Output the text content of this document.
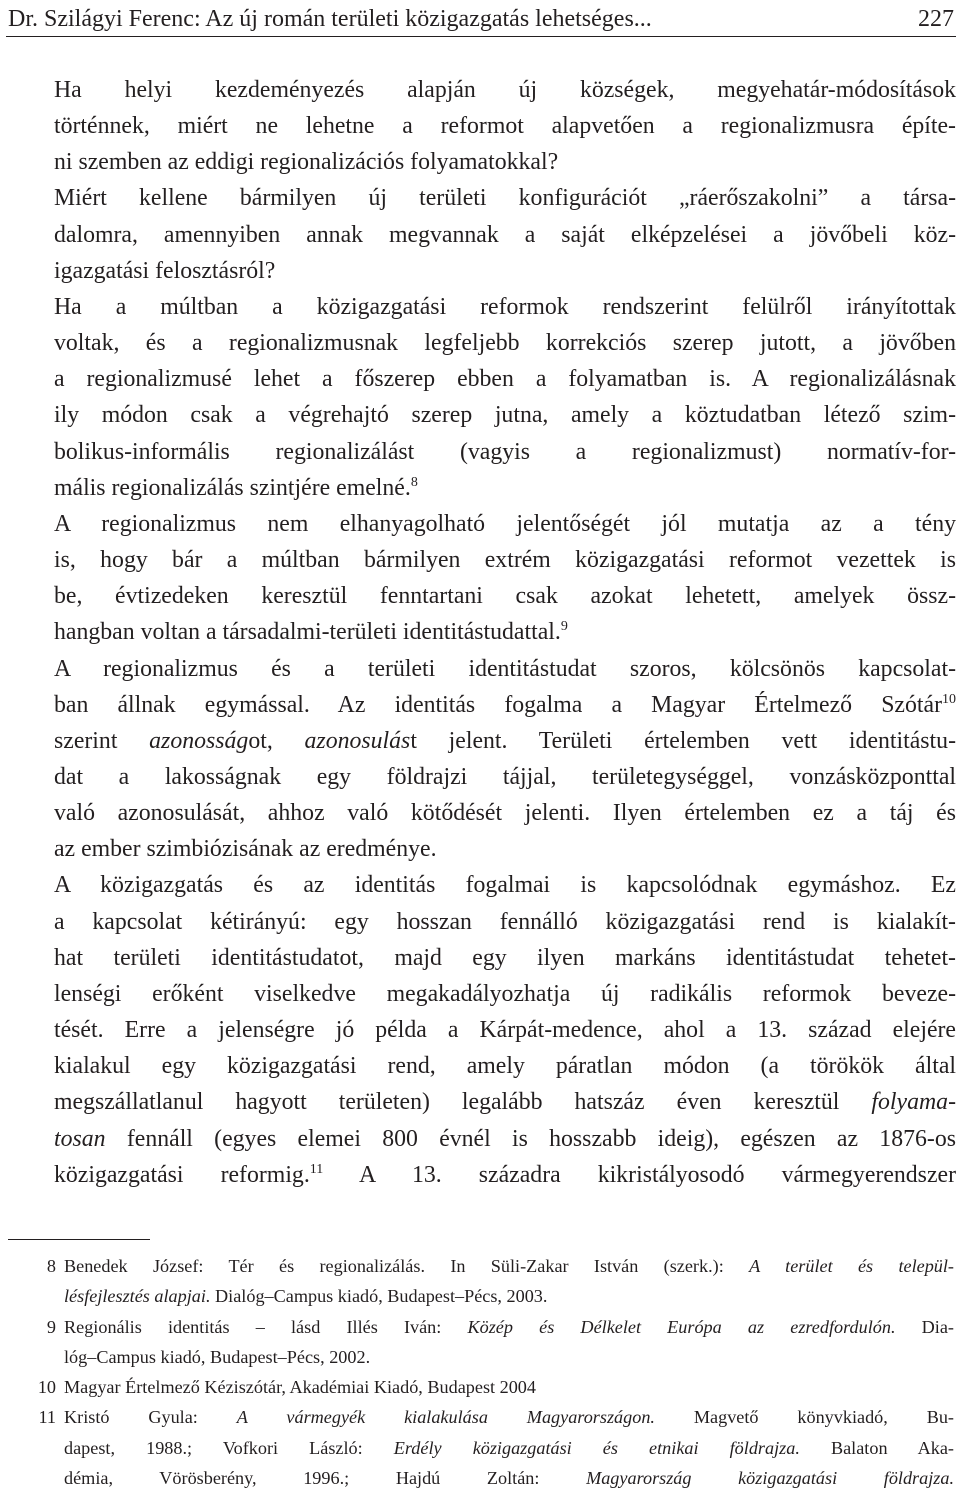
Dr. Szilágyi Ferenc: Az új román területi közigazgatás lehetséges...	227

Ha helyi kezdeményezés alapján új községek, megyehatár-módosítások
történnek, miért ne lehetne a reformot alapvetően a regionalizmusra építe-
ni szemben az eddigi regionalizációs folyamatokkal?

Miért kellene bármilyen új területi konfigurációt „ráerőszakolni” a társa-
dalomra, amennyiben annak megvannak a saját elképzelései a jövőbeli köz-
igazgatási felosztásról?

Ha a múltban a közigazgatási reformok rendszerint felülről irányítottak
voltak, és a regionalizmusnak legfeljebb korrekciós szerep jutott, a jövőben
a regionalizmusé lehet a főszerep ebben a folyamatban is. A regionalizálásnak
ily módon csak a végrehajtó szerep jutna, amely a köztudatban létező szim-
bolikus-informális regionalizálást (vagyis a regionalizmust) normatív-for-
mális regionalizálás szintjére emelné.$^8$

A regionalizmus nem elhanyagolható jelentőségét jól mutatja az a tény
is, hogy bár a múltban bármilyen extrém közigazgatási reformot vezettek is
be, évtizedeken keresztül fenntartani csak azokat lehetett, amelyek össz-
hangban voltan a társadalmi-területi identitástudattal.$^9$

A regionalizmus és a területi identitástudat szoros, kölcsönös kapcsolat-
ban állnak egymással. Az identitás fogalma a Magyar Értelmező Szótár$^{10}$
szerint azonosságot, azonosulást jelent. Területi értelemben vett identitástu-
dat a lakosságnak egy földrajzi tájjal, területegységgel, vonzásközponttal
való azonosulását, ahhoz való kötődését jelenti. Ilyen értelemben ez a táj és
az ember szimbiózisának az eredménye.

A közigazgatás és az identitás fogalmai is kapcsolódnak egymáshoz. Ez
a kapcsolat kétirányú: egy hosszan fennálló közigazgatási rend is kialakít-
hat területi identitástudatot, majd egy ilyen markáns identitástudat tehetet-
lenségi erőként viselkedve megakadályozhatja új radikális reformok beveze-
tését. Erre a jelenségre jó példa a Kárpát-medence, ahol a 13. század elejére
kialakul egy közigazgatási rend, amely páratlan módon (a törökök által
megszállatlanul hagyott területen) legalább hatszáz éven keresztül folyama-
tosan fennáll (egyes elemei 800 évnél is hosszabb ideig), egészen az 1876-os
közigazgatási reformig.$^{11}$ A 13. századra kikristályosodó vármegyerendszer

8 Benedek József: Tér és regionalizálás. In Süli-Zakar István (szerk.): A terület és települ-
lésfejlesztés alapjai. Dialóg–Campus kiadó, Budapest–Pécs, 2003.
9 Regionális identitás – lásd Illés Iván: Közép és Délkelet Európa az ezredfordulón. Dia-
lóg–Campus kiadó, Budapest–Pécs, 2002.
10 Magyar Értelmező Kéziszótár, Akadémiai Kiadó, Budapest 2004
11 Kristó Gyula: A vármegyék kialakulása Magyarországon. Magvető könyvkiadó, Bu-
dapest, 1988.; Vofkori László: Erdély közigazgatási és etnikai földrajza. Balaton Aka-
démia, Vörösberény, 1996.; Hajdú Zoltán: Magyarország közigazgatási földrajza.
